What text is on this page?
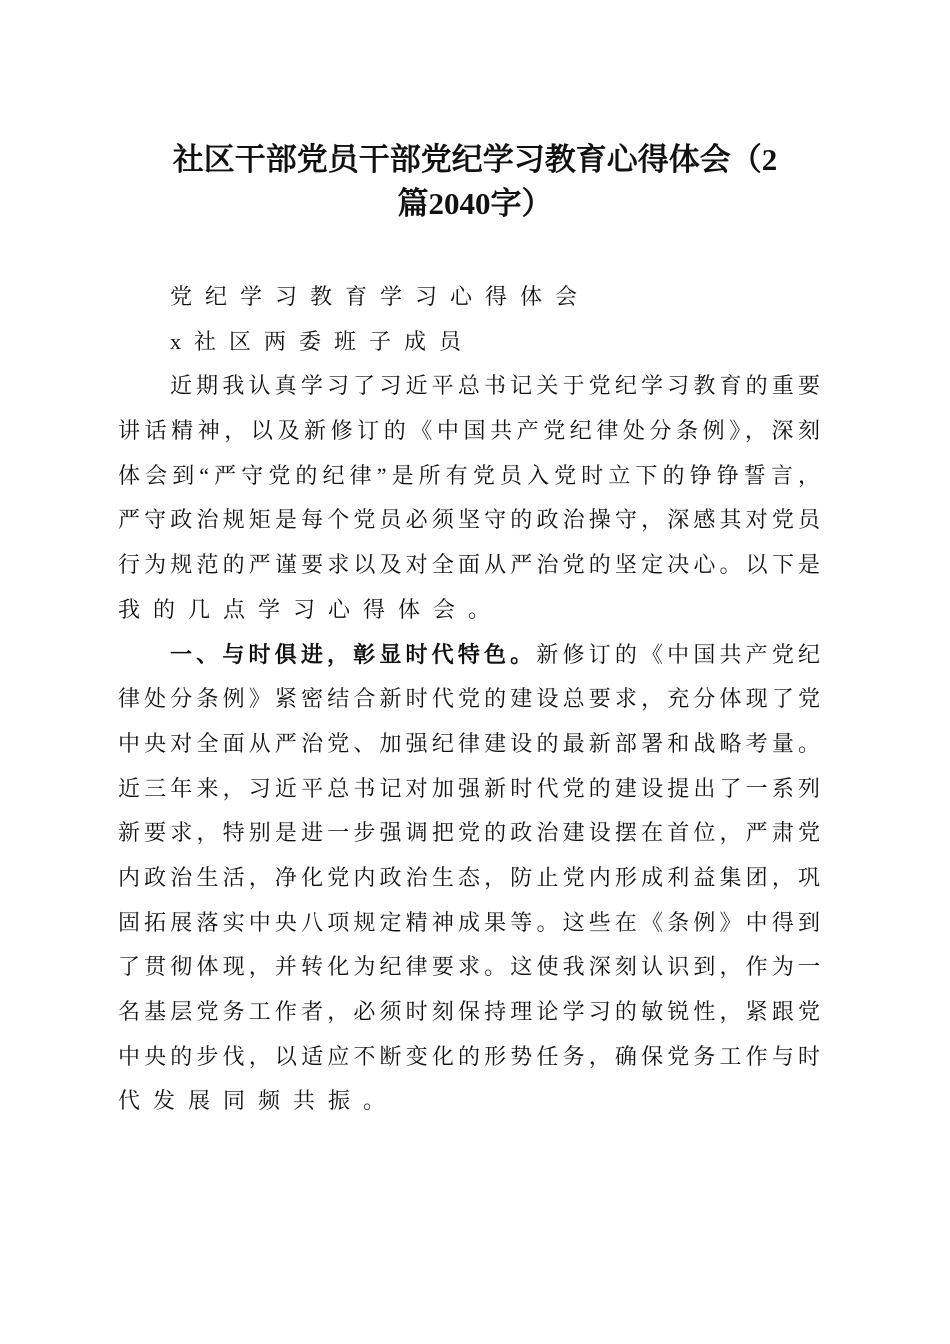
社区干部党员干部党纪学习教育心得体会（2
篇2040字）
党纪学习教育学习心得体会
x社区两委班子成员
近期我认真学习了习近平总书记关于党纪学习教育的重要
讲话精神，以及新修订的《中国共产党纪律处分条例》，深刻
体会到“严守党的纪律”是所有党员入党时立下的铮铮誓言，
严守政治规矩是每个党员必须坚守的政治操守，深感其对党员
行为规范的严谨要求以及对全面从严治党的坚定决心。以下是
我的几点学习心得体会。
一、与时俱进，彰显时代特色。新修订的《中国共产党纪
律处分条例》紧密结合新时代党的建设总要求，充分体现了党
中央对全面从严治党、加强纪律建设的最新部署和战略考量。
近三年来，习近平总书记对加强新时代党的建设提出了一系列
新要求，特别是进一步强调把党的政治建设摆在首位，严肃党
内政治生活，净化党内政治生态，防止党内形成利益集团，巩
固拓展落实中央八项规定精神成果等。这些在《条例》中得到
了贯彻体现，并转化为纪律要求。这使我深刻认识到，作为一
名基层党务工作者，必须时刻保持理论学习的敏锐性，紧跟党
中央的步伐，以适应不断变化的形势任务，确保党务工作与时
代发展同频共振。
